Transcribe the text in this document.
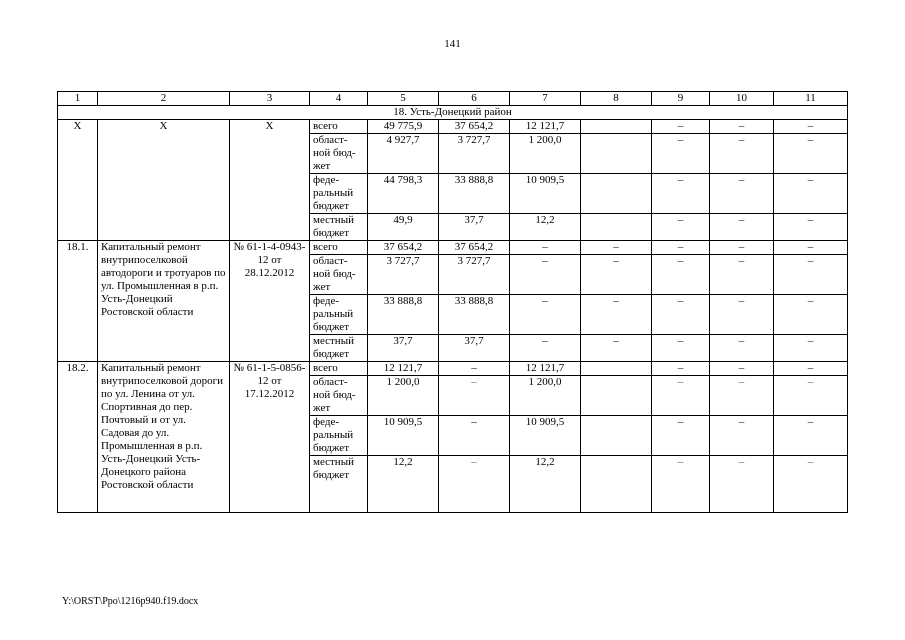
141
1	2	3	4	5	6	7	8	9	10	11
18. Усть-Донецкий район										
X	X	X	всего	49 775,9	37 654,2	12 121,7		–	–	–
			област-ной бюд-жет	4 927,7	3 727,7	1 200,0		–	–	–
			феде-ральный бюджет	44 798,3	33 888,8	10 909,5		–	–	–
			местный бюджет	49,9	37,7	12,2		–	–	–
18.1.	Капитальный ремонт внутрипоселковой автодороги и тротуаров по ул. Промышленная в р.п. Усть-Донецкий Ростовской области	№ 61-1-4-0943-12 от 28.12.2012	всего	37 654,2	37 654,2	–	–	–	–	–
			област-ной бюд-жет	3 727,7	3 727,7	–	–	–	–	–
			феде-ральный бюджет	33 888,8	33 888,8	–	–	–	–	–
			местный бюджет	37,7	37,7	–	–	–	–	–
18.2.	Капитальный ремонт внутрипоселковой дороги по ул. Ленина от ул. Спортивная до пер. Почтовый и от ул. Садовая до ул. Промышленная в р.п. Усть-Донецкий Усть-Донецкого района Ростовской области	№ 61-1-5-0856-12 от 17.12.2012	всего	12 121,7	–	12 121,7		–	–	–
			област-ной бюд-жет	1 200,0	–	1 200,0		–	–	–
			феде-ральный бюджет	10 909,5	–	10 909,5		–	–	–
			местный бюджет	12,2	–	12,2		–	–	–
Y:\ORST\Ppo\1216p940.f19.docx
